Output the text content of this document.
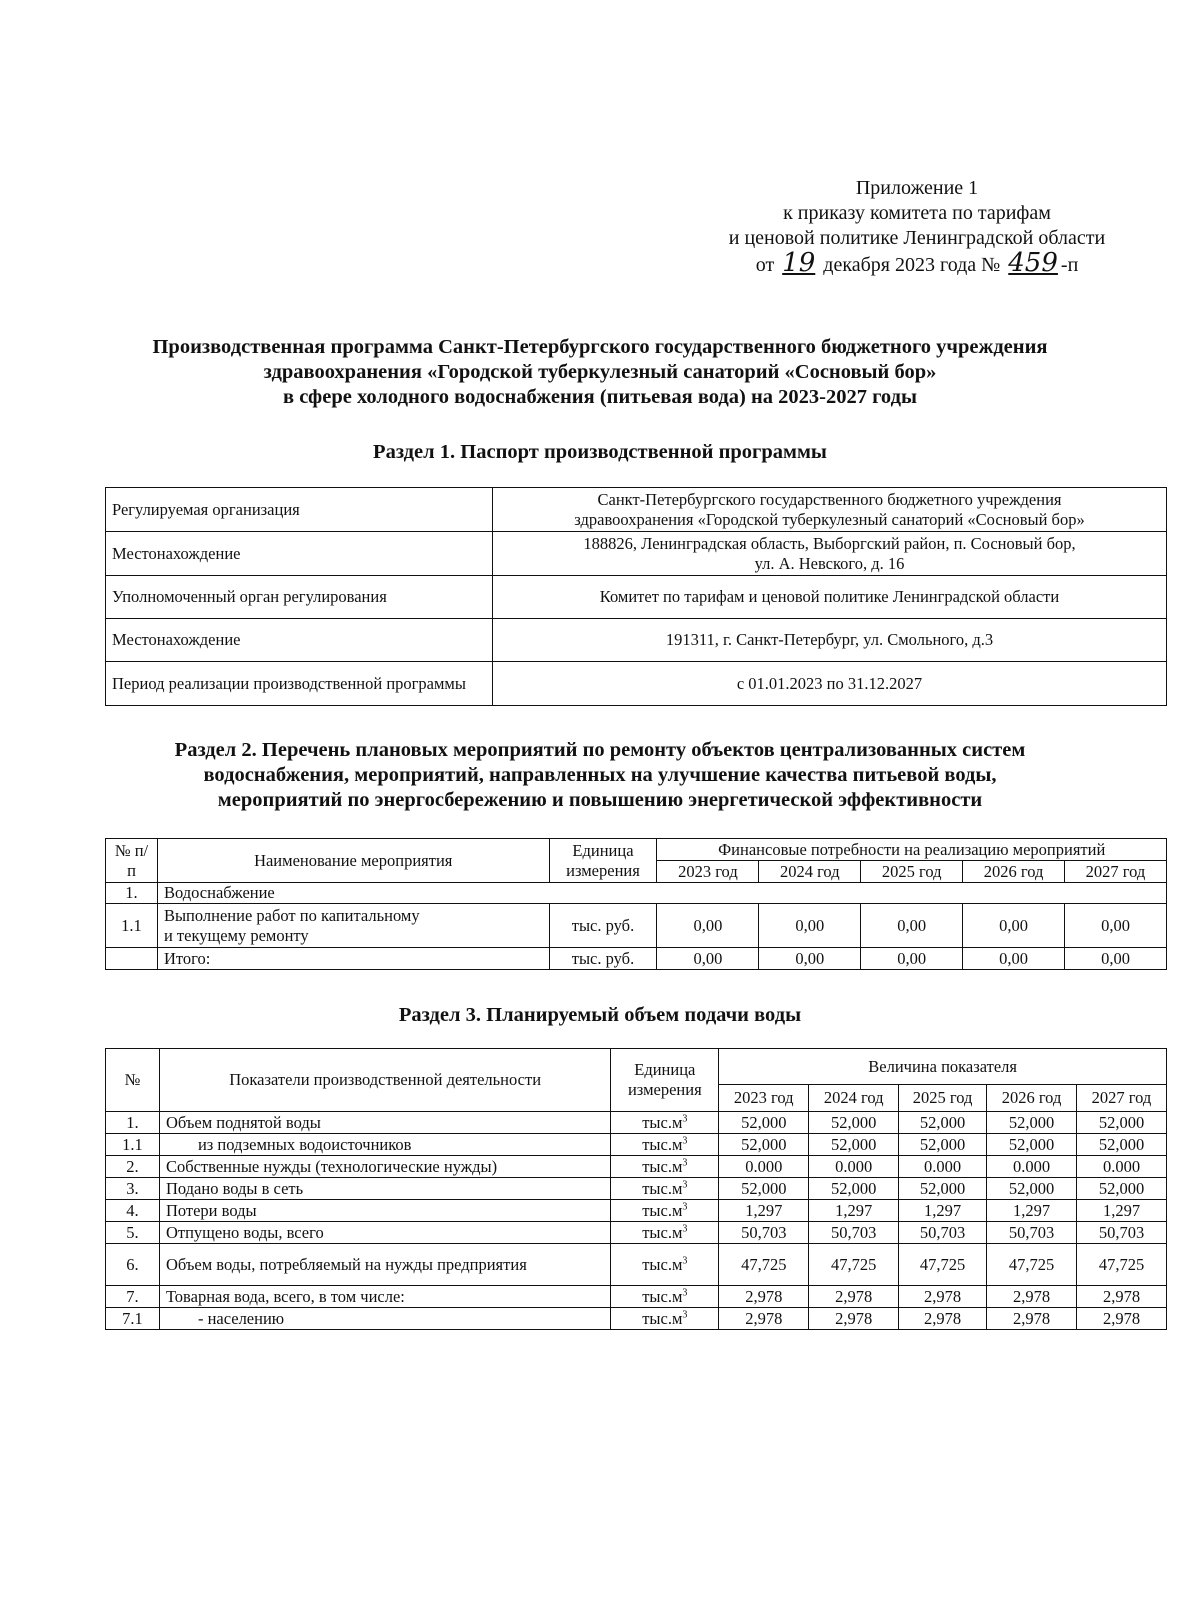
Приложение 1
к приказу комитета по тарифам
и ценовой политике Ленинградской области
от 19 декабря 2023 года № 459 -п
Производственная программа Санкт-Петербургского государственного бюджетного учреждения
здравоохранения «Городской туберкулезный санаторий «Сосновый бор»
в сфере холодного водоснабжения (питьевая вода) на 2023-2027 годы
Раздел 1. Паспорт производственной программы
Регулируемая организация	Санкт-Петербургского государственного бюджетного учреждения
здравоохранения «Городской туберкулезный санаторий «Сосновый бор»

Местонахождение	188826, Ленинградская область, Выборгский район, п. Сосновый бор,
ул. А. Невского, д. 16

Уполномоченный орган регулирования	Комитет по тарифам и ценовой политике Ленинградской области
Местонахождение	191311, г. Санкт-Петербург, ул. Смольного, д.3
Период реализации производственной программы	с 01.01.2023 по 31.12.2027
Раздел 2. Перечень плановых мероприятий по ремонту объектов централизованных систем
водоснабжения, мероприятий, направленных на улучшение качества питьевой воды,
мероприятий по энергосбережению и повышению энергетической эффективности
№ п/п	Наименование мероприятия	Единица измерения	Финансовые потребности на реализацию мероприятий				
			2023 год	2024 год	2025 год	2026 год	2027 год
1.	Водоснабжение						
1.1	Выполнение работ по капитальному
и текущему ремонту	тыс. руб.	0,00	0,00	0,00	0,00	0,00
	Итого:	тыс. руб.	0,00	0,00	0,00	0,00	0,00
Раздел 3. Планируемый объем подачи воды
№	Показатели производственной деятельности	Единица измерения	Величина показателя				
			2023 год	2024 год	2025 год	2026 год	2027 год
1.	Объем поднятой воды	$тыс.м^3$	52,000	52,000	52,000	52,000	52,000
1.1	из подземных водоисточников	$тыс.м^3$	52,000	52,000	52,000	52,000	52,000
2.	Собственные нужды (технологические нужды)	$тыс.м^3$	0.000	0.000	0.000	0.000	0.000
3.	Подано воды в сеть	$тыс.м^3$	52,000	52,000	52,000	52,000	52,000
4.	Потери воды	$тыс.м^3$	1,297	1,297	1,297	1,297	1,297
5.	Отпущено воды, всего	$тыс.м^3$	50,703	50,703	50,703	50,703	50,703
6.	Объем воды, потребляемый на нужды предприятия	$тыс.м^3$	47,725	47,725	47,725	47,725	47,725
7.	Товарная вода, всего, в том числе:	$тыс.м^3$	2,978	2,978	2,978	2,978	2,978
7.1	- населению	$тыс.м^3$	2,978	2,978	2,978	2,978	2,978
